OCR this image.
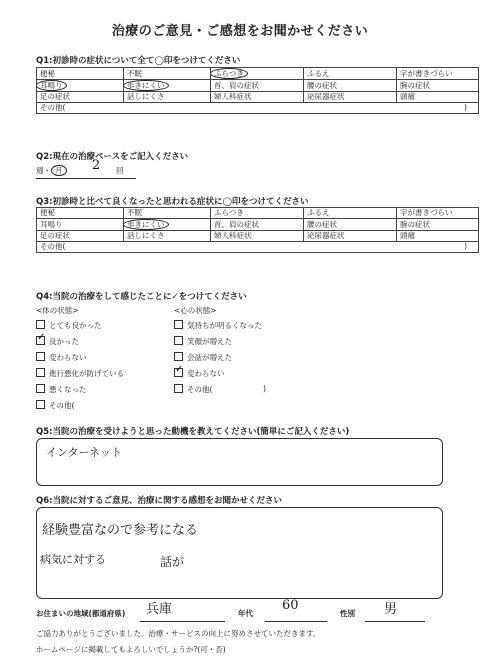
治療のご意見・ご感想をお聞かせください
Q1:初診時の症状について全て◯印をつけてください
便秘	不眠	ふらつき	ふるえ	字が書きづらい
耳鳴り	歩きにくい	首、肩の症状	腰の症状	腕の症状
足の症状	話しにくさ	婦人科症状	泌尿器症状	頭痛
その他( )				
Q2:現在の治療ペースをご記入ください
週・ 月	2 回
Q3:初診時と比べて良くなったと思われる症状に◯印をつけてください
便秘	不眠	ふらつき	ふるえ	字が書きづらい
耳鳴り	歩きにくい	首、肩の症状	腰の症状	腕の症状
足の症状	話しにくさ	婦人科症状	泌尿器症状	頭痛
その他( )				
Q4:当院の治療をして感じたことに✓をつけてください
<体の状態>	<心の状態>
とても良かった
✓良かった
変わらない
進行悪化が防げている
悪くなった
その他(
気持ちが明るくなった
笑顔が増えた
会話が増えた
✓変わらない
その他(	)
Q5:当院の治療を受けようと思った動機を教えてください(簡単にご記入ください)
インターネット
Q6:当院に対するご意見、治療に関する感想をお聞かせください
経験豊富なので参考になる
話が
病気に対する
お住まいの地域(都道府県) 兵庫	年代
60
性別 男
ご協力ありがとうございました。治療・サービスの向上に努めさせていただきます。
ホームページに掲載してもよろしいでしょうか?(可・否)
